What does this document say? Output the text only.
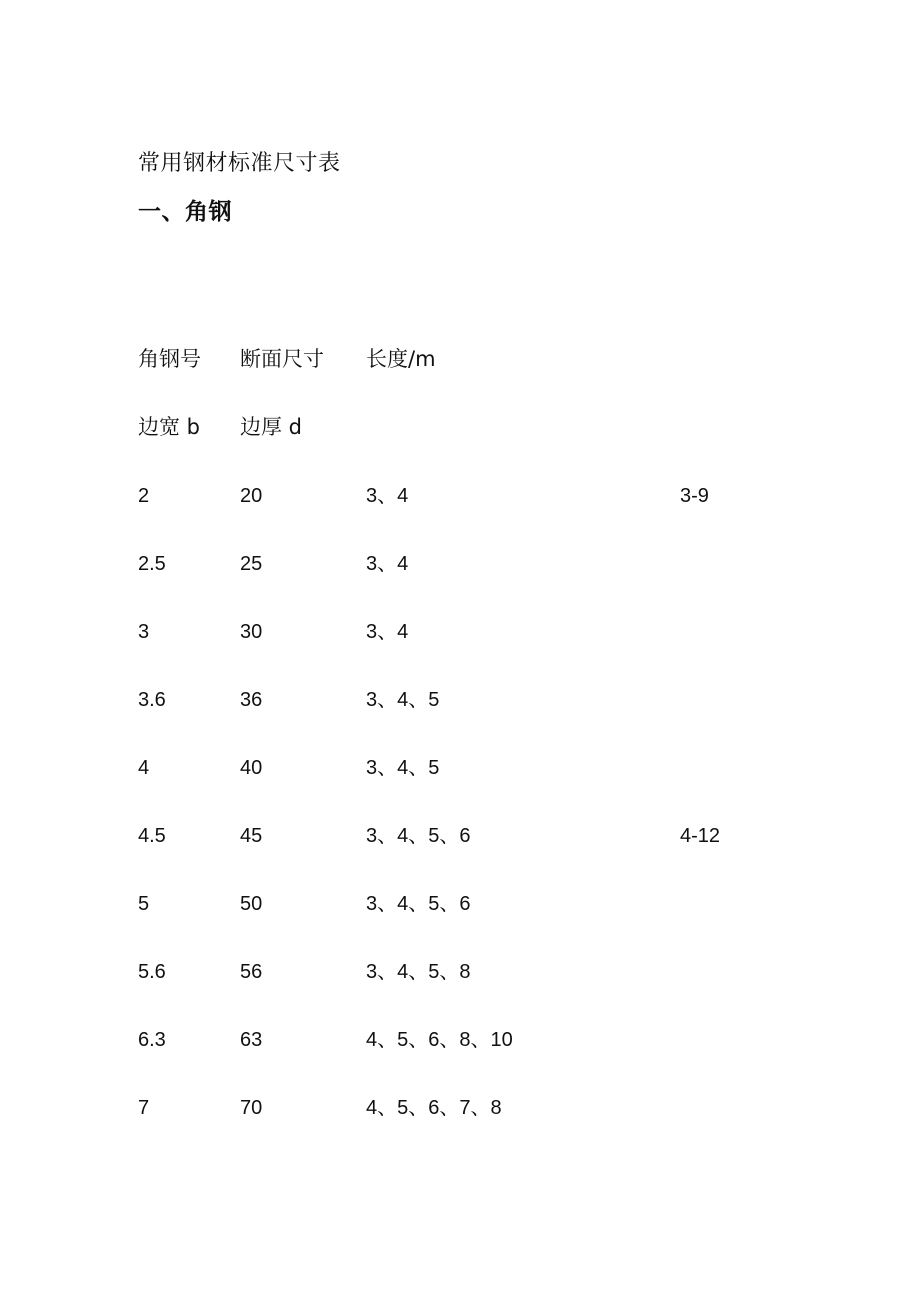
常用钢材标准尺寸表
一、角钢
角钢号 断面尺寸 长度/m
边宽 b 边厚 d
2	20	3、4	3-9
2.5	25	3、4
3	30	3、4
3.6	36	3、4、5
4	40	3、4、5
4.5	45	3、4、5、6	4-12
5	50	3、4、5、6
5.6	56	3、4、5、8
6.3	63	4、5、6、8、10
7	70	4、5、6、7、8
